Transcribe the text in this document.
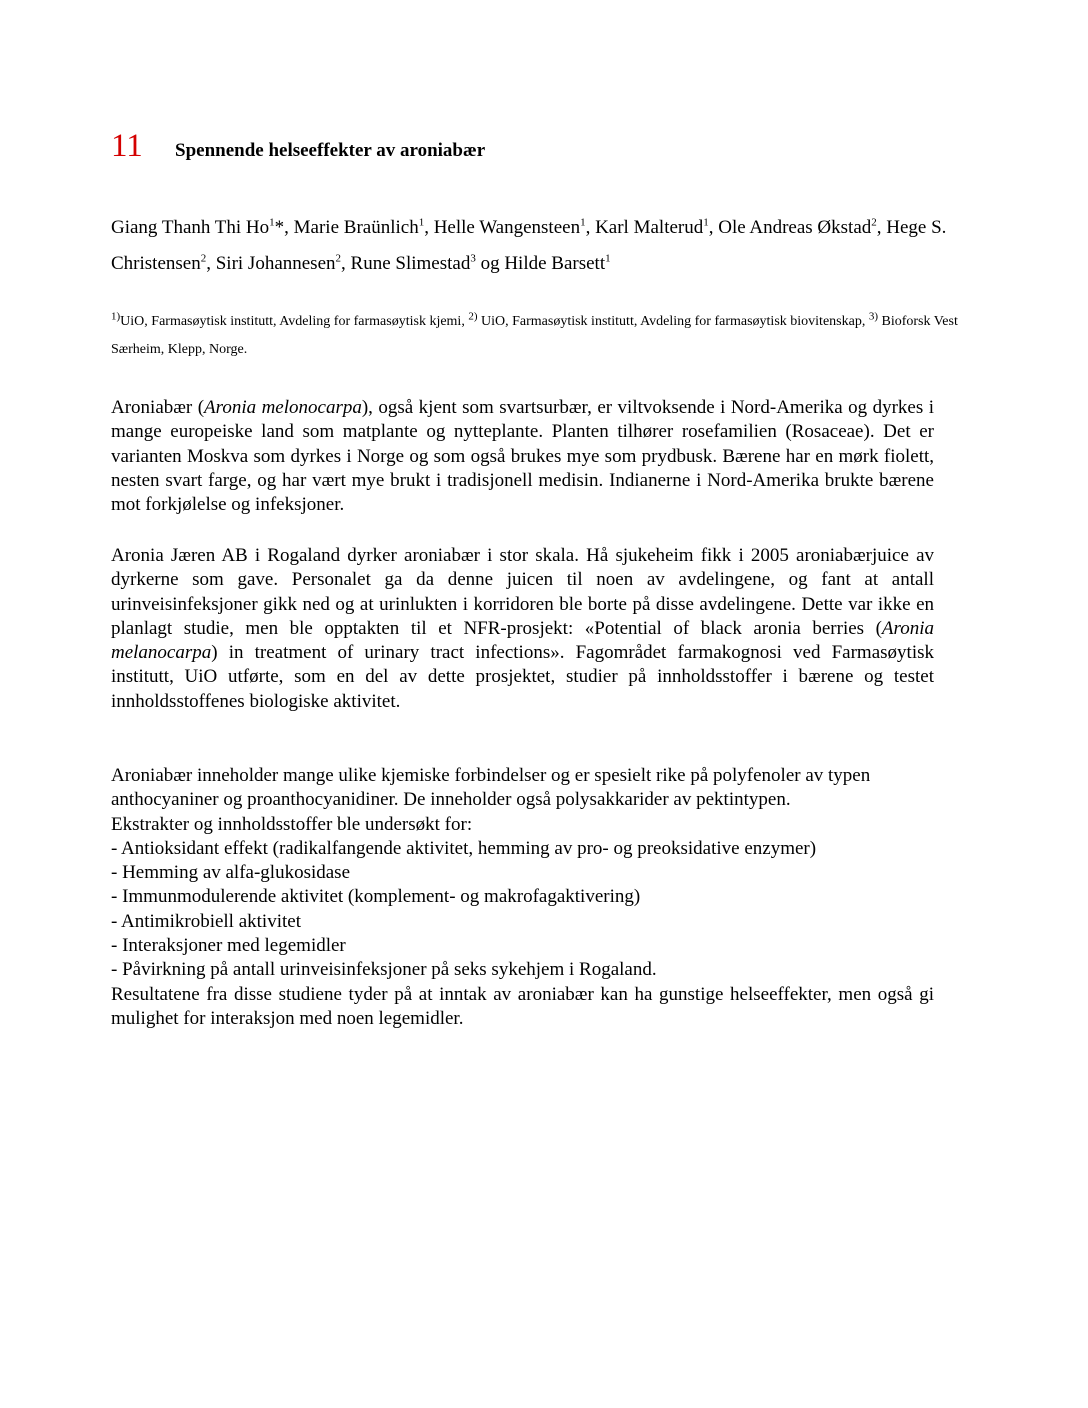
11	Spennende helseeffekter av aroniabær
Giang Thanh Thi Ho$^1$*, Marie Braünlich$^1$, Helle Wangensteen$^1$, Karl Malterud$^1$, Ole Andreas Økstad$^2$, Hege S. Christensen$^2$, Siri Johannesen$^2$, Rune Slimestad$^3$ og Hilde Barsett$^1$
$^{1)}$UiO, Farmasøytisk institutt, Avdeling for farmasøytisk kjemi, $^{2)}$ UiO, Farmasøytisk institutt, Avdeling for farmasøytisk biovitenskap, $^{3)}$ Bioforsk Vest Særheim, Klepp, Norge.
Aroniabær (Aronia melonocarpa), også kjent som svartsurbær, er viltvoksende i Nord-Amerika og dyrkes i mange europeiske land som matplante og nytteplante. Planten tilhører rosefamilien (Rosaceae). Det er varianten Moskva som dyrkes i Norge og som også brukes mye som prydbusk. Bærene har en mørk fiolett, nesten svart farge, og har vært mye brukt i tradisjonell medisin. Indianerne i Nord-Amerika brukte bærene mot forkjølelse og infeksjoner.
Aronia Jæren AB i Rogaland dyrker aroniabær i stor skala. Hå sjukeheim fikk i 2005 aroniabærjuice av dyrkerne som gave. Personalet ga da denne juicen til noen av avdelingene, og fant at antall urinveisinfeksjoner gikk ned og at urinlukten i korridoren ble borte på disse avdelingene. Dette var ikke en planlagt studie, men ble opptakten til et NFR-prosjekt: «Potential of black aronia berries (Aronia melanocarpa) in treatment of urinary tract infections». Fagområdet farmakognosi ved Farmasøytisk institutt, UiO utførte, som en del av dette prosjektet, studier på innholdsstoffer i bærene og testet innholdsstoffenes biologiske aktivitet.
Aroniabær inneholder mange ulike kjemiske forbindelser og er spesielt rike på polyfenoler av typen anthocyaniner og proanthocyanidiner. De inneholder også polysakkarider av pektintypen.
Ekstrakter og innholdsstoffer ble undersøkt for:
- Antioksidant effekt (radikalfangende aktivitet, hemming av pro- og preoksidative enzymer)
- Hemming av alfa-glukosidase
- Immunmodulerende aktivitet (komplement- og makrofagaktivering)
- Antimikrobiell aktivitet
- Interaksjoner med legemidler
- Påvirkning på antall urinveisinfeksjoner på seks sykehjem i Rogaland.
Resultatene fra disse studiene tyder på at inntak av aroniabær kan ha gunstige helseeffekter, men også gi mulighet for interaksjon med noen legemidler.
